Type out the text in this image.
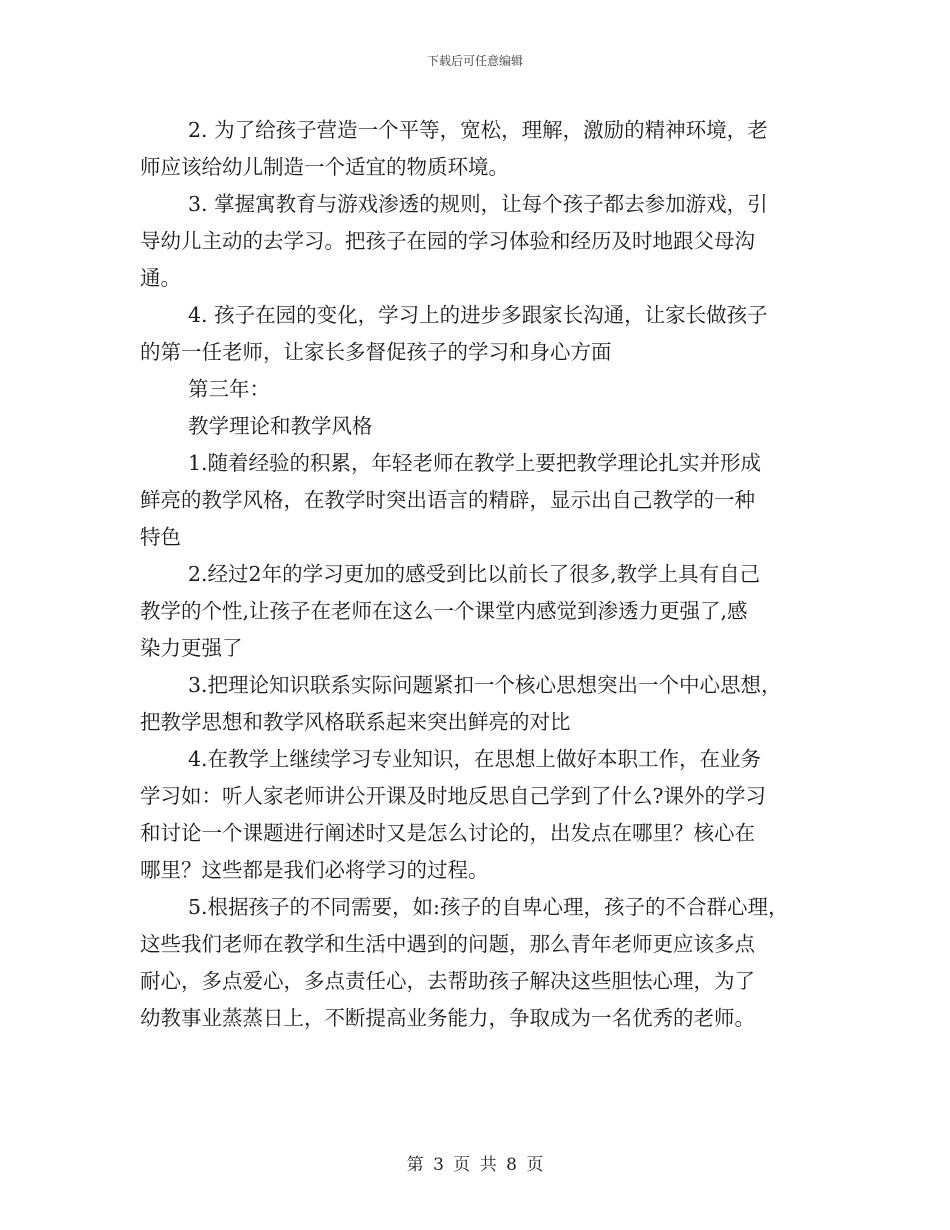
下载后可任意编辑
2. 为了给孩子营造一个平等，宽松，理解，激励的精神环境，老
师应该给幼儿制造一个适宜的物质环境。
3. 掌握寓教育与游戏渗透的规则，让每个孩子都去参加游戏，引
导幼儿主动的去学习。把孩子在园的学习体验和经历及时地跟父母沟
通。
4. 孩子在园的变化，学习上的进步多跟家长沟通，让家长做孩子
的第一任老师，让家长多督促孩子的学习和身心方面
第三年：
教学理论和教学风格
1.随着经验的积累，年轻老师在教学上要把教学理论扎实并形成
鲜亮的教学风格，在教学时突出语言的精辟，显示出自己教学的一种
特色
2.经过2年的学习更加的感受到比以前长了很多,教学上具有自己
教学的个性,让孩子在老师在这么一个课堂内感觉到渗透力更强了,感
染力更强了
3.把理论知识联系实际问题紧扣一个核心思想突出一个中心思想，
把教学思想和教学风格联系起来突出鲜亮的对比
4.在教学上继续学习专业知识，在思想上做好本职工作，在业务
学习如：听人家老师讲公开课及时地反思自己学到了什么?课外的学习
和讨论一个课题进行阐述时又是怎么讨论的，出发点在哪里？核心在
哪里？这些都是我们必将学习的过程。
5.根据孩子的不同需要，如:孩子的自卑心理，孩子的不合群心理，
这些我们老师在教学和生活中遇到的问题，那么青年老师更应该多点
耐心，多点爱心，多点责任心，去帮助孩子解决这些胆怯心理，为了
幼教事业蒸蒸日上，不断提高业务能力，争取成为一名优秀的老师。
第 3 页 共 8 页
